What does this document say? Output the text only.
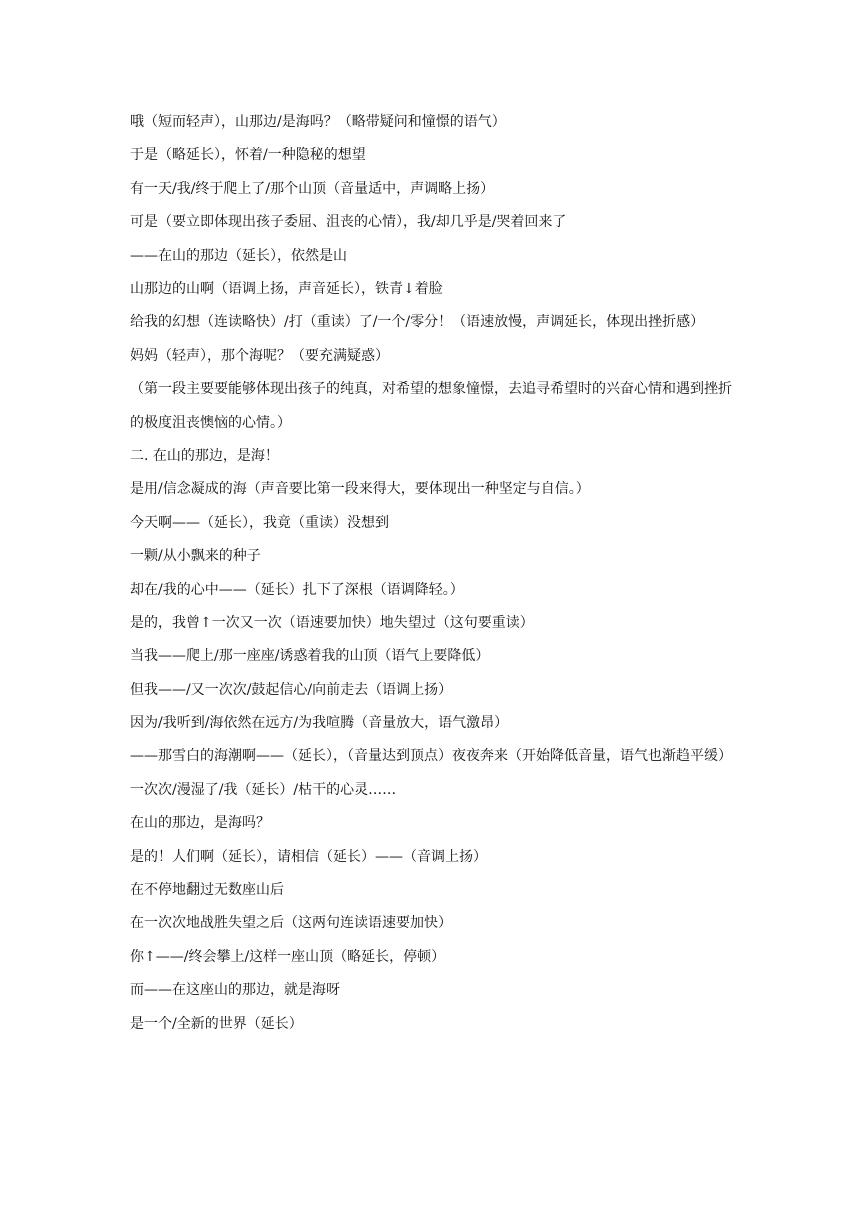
哦（短而轻声），山那边/是海吗？（略带疑问和憧憬的语气）
于是（略延长），怀着/一种隐秘的想望
有一天/我/终于爬上了/那个山顶（音量适中，声调略上扬）
可是（要立即体现出孩子委屈、沮丧的心情），我/却几乎是/哭着回来了
——在山的那边（延长），依然是山
山那边的山啊（语调上扬，声音延长），铁青↓着脸
给我的幻想（连读略快）/打（重读）了/一个/零分！（语速放慢，声调延长，体现出挫折感）
妈妈（轻声），那个海呢？（要充满疑惑）
（第一段主要要能够体现出孩子的纯真，对希望的想象憧憬，去追寻希望时的兴奋心情和遇到挫折的极度沮丧懊恼的心情。）
二. 在山的那边，是海！
是用/信念凝成的海（声音要比第一段来得大，要体现出一种坚定与自信。）
今天啊——（延长），我竟（重读）没想到
一颗/从小飘来的种子
却在/我的心中——（延长）扎下了深根（语调降轻。）
是的，我曾↑一次又一次（语速要加快）地失望过（这句要重读）
当我——爬上/那一座座/诱惑着我的山顶（语气上要降低）
但我——/又一次次/鼓起信心/向前走去（语调上扬）
因为/我听到/海依然在远方/为我喧腾（音量放大，语气激昂）
——那雪白的海潮啊——（延长），（音量达到顶点）夜夜奔来（开始降低音量，语气也渐趋平缓）
一次次/漫湿了/我（延长）/枯干的心灵……
在山的那边，是海吗？
是的！人们啊（延长），请相信（延长）——（音调上扬）
在不停地翻过无数座山后
在一次次地战胜失望之后（这两句连读语速要加快）
你↑——/终会攀上/这样一座山顶（略延长，停顿）
而——在这座山的那边，就是海呀
是一个/全新的世界（延长）
